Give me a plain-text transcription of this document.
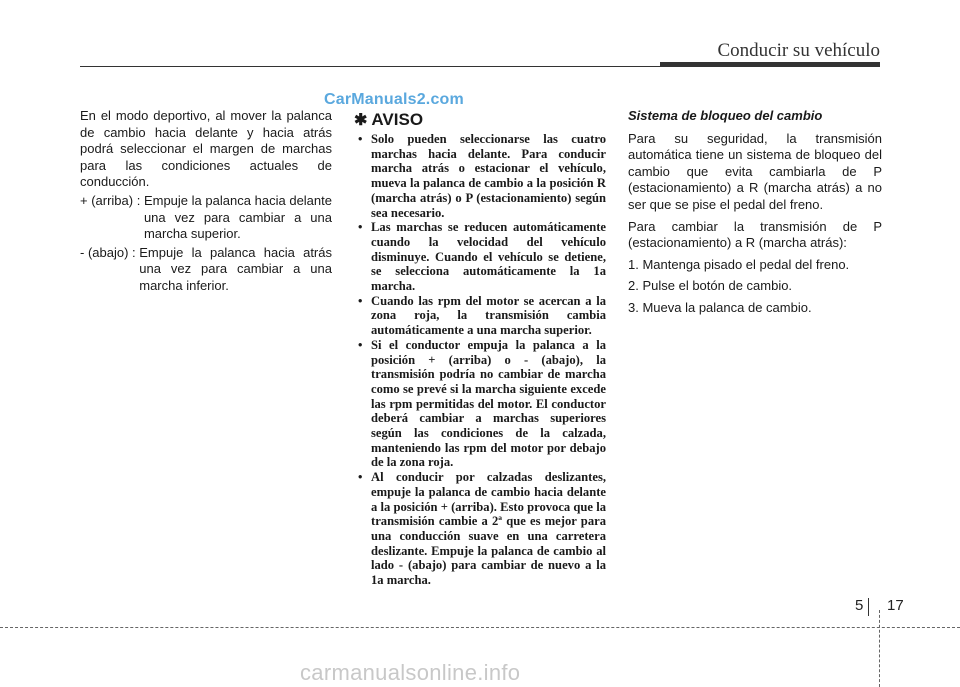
Conducir su vehículo
CarManuals2.com

En el modo deportivo, al mover la palanca de cambio hacia delante y hacia atrás podrá seleccionar el margen de marchas para las condiciones actuales de conducción.

+ (arriba) : Empuje la palanca hacia delante una vez para cambiar a una marcha superior.
- (abajo) : Empuje la palanca hacia atrás una vez para cambiar a una marcha inferior.
✱ AVISO
• Solo pueden seleccionarse las cuatro marchas hacia delante. Para conducir marcha atrás o estacionar el vehículo, mueva la palanca de cambio a la posición R (marcha atrás) o P (estacionamiento) según sea necesario.
• Las marchas se reducen automáticamente cuando la velocidad del vehículo disminuye. Cuando el vehículo se detiene, se selecciona automáticamente la 1a marcha.
• Cuando las rpm del motor se acercan a la zona roja, la transmisión cambia automáticamente a una marcha superior.
• Si el conductor empuja la palanca a la posición + (arriba) o - (abajo), la transmisión podría no cambiar de marcha como se prevé si la marcha siguiente excede las rpm permitidas del motor. El conductor deberá cambiar a marchas superiores según las condiciones de la calzada, manteniendo las rpm del motor por debajo de la zona roja.
• Al conducir por calzadas deslizantes, empuje la palanca de cambio hacia delante a la posición + (arriba). Esto provoca que la transmisión cambie a 2ª que es mejor para una conducción suave en una carretera deslizante. Empuje la palanca de cambio al lado - (abajo) para cambiar de nuevo a la 1a marcha.
Sistema de bloqueo del cambio

Para su seguridad, la transmisión automática tiene un sistema de bloqueo del cambio que evita cambiarla de P (estacionamiento) a R (marcha atrás) a no ser que se pise el pedal del freno.

Para cambiar la transmisión de P (estacionamiento) a R (marcha atrás):

1. Mantenga pisado el pedal del freno.

2. Pulse el botón de cambio.

3. Mueva la palanca de cambio.

5 17
carmanualsonline.info
